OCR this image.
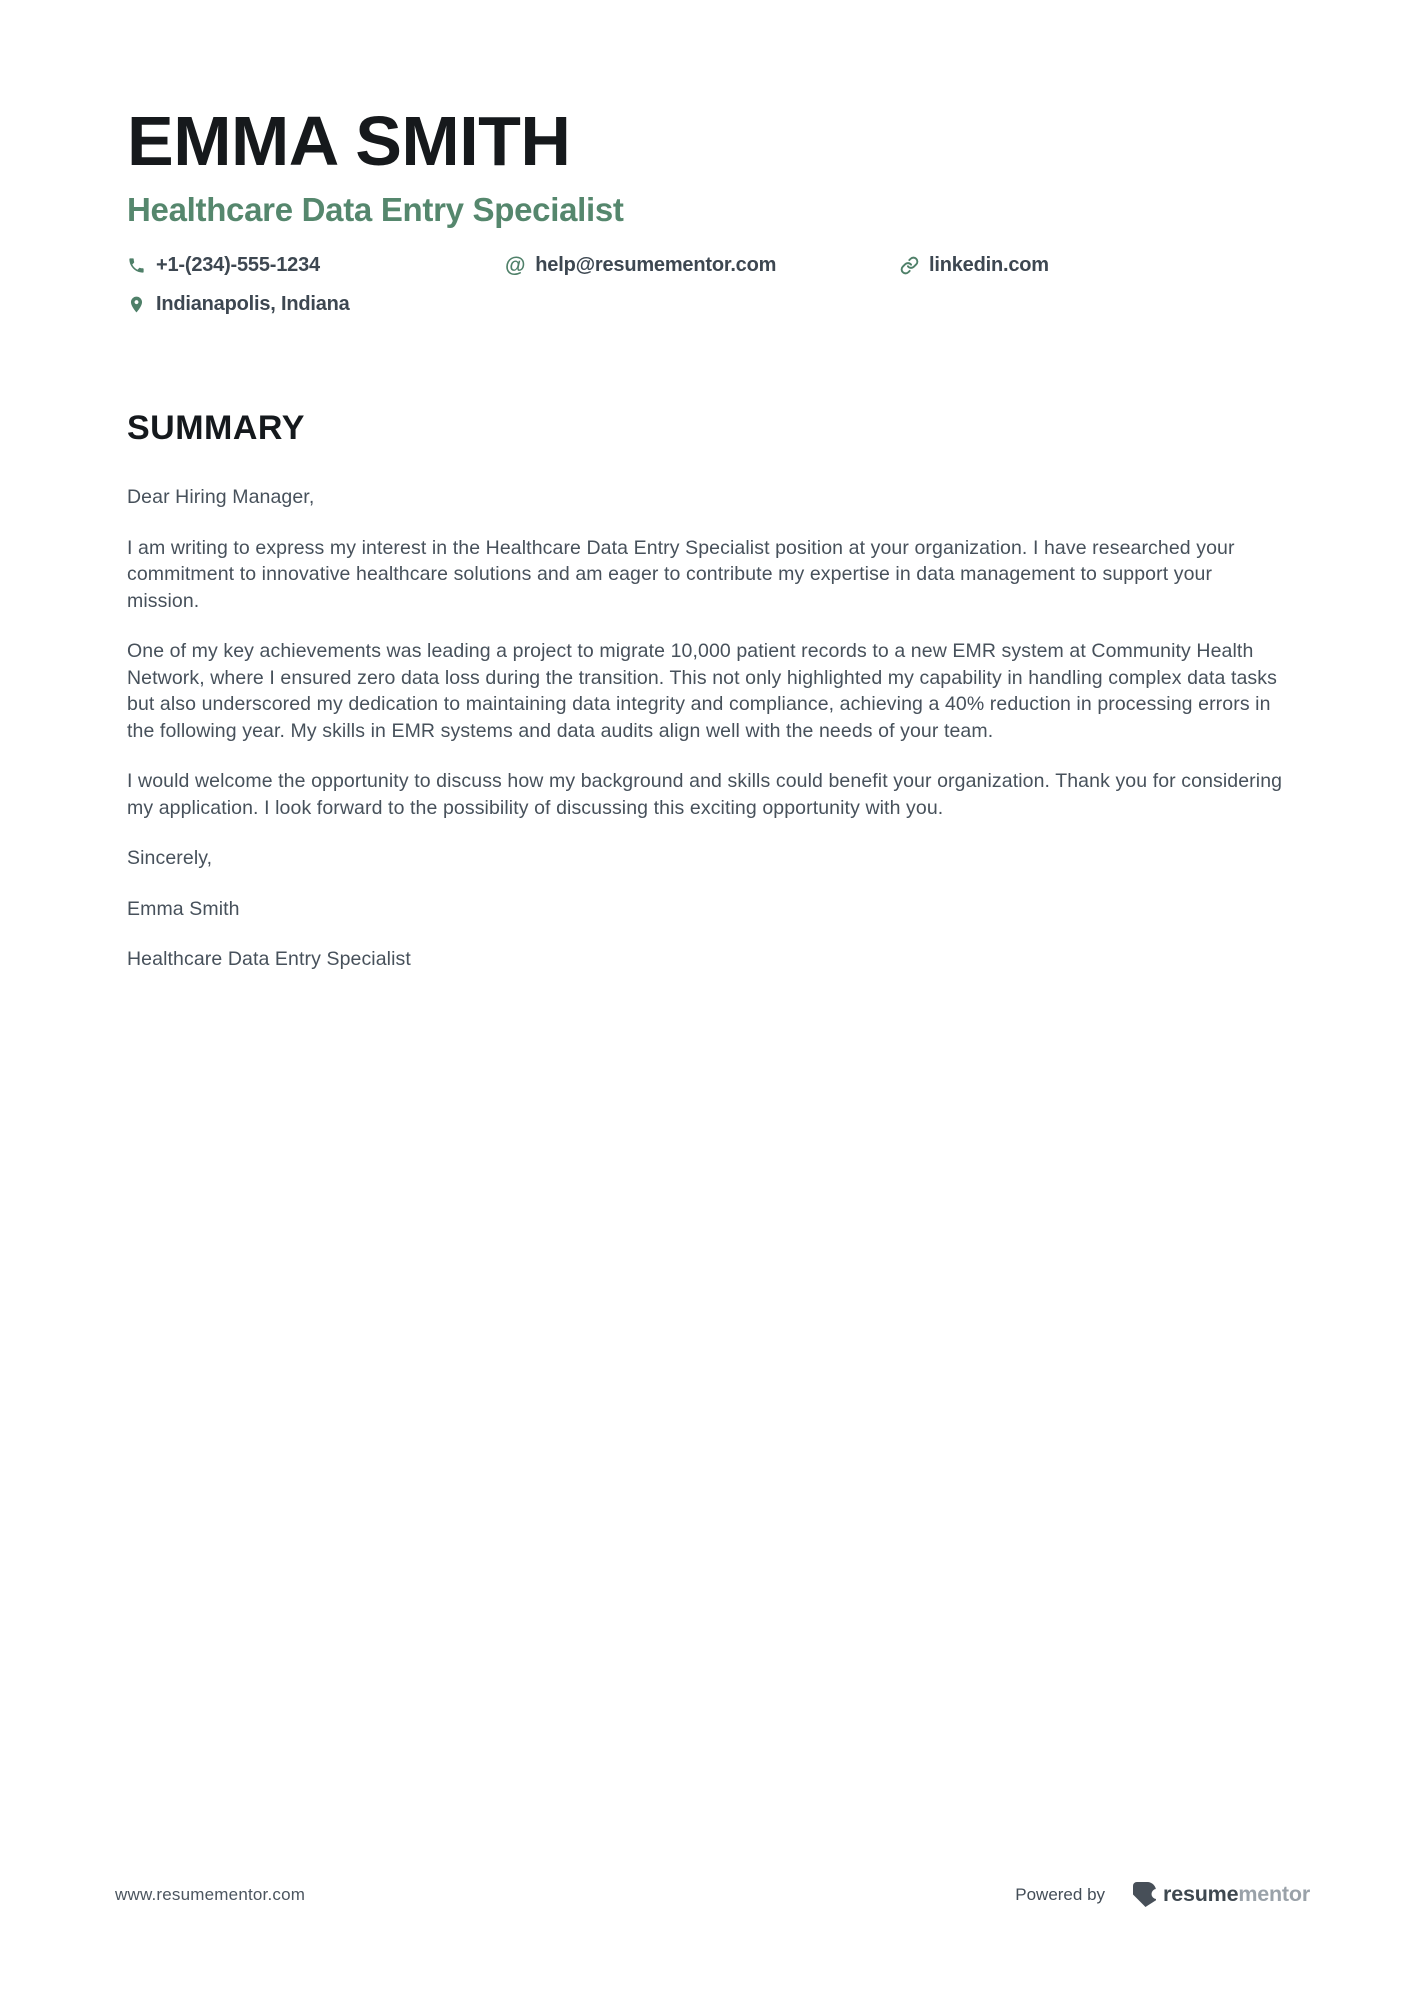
EMMA SMITH
Healthcare Data Entry Specialist
+1-(234)-555-1234	@ help@resumementor.com	linkedin.com
Indianapolis, Indiana
SUMMARY

Dear Hiring Manager,

I am writing to express my interest in the Healthcare Data Entry Specialist position at your organization. I have researched your commitment to innovative healthcare solutions and am eager to contribute my expertise in data management to support your mission.

One of my key achievements was leading a project to migrate 10,000 patient records to a new EMR system at Community Health Network, where I ensured zero data loss during the transition. This not only highlighted my capability in handling complex data tasks but also underscored my dedication to maintaining data integrity and compliance, achieving a 40% reduction in processing errors in the following year. My skills in EMR systems and data audits align well with the needs of your team.

I would welcome the opportunity to discuss how my background and skills could benefit your organization. Thank you for considering my application. I look forward to the possibility of discussing this exciting opportunity with you.

Sincerely,

Emma Smith

Healthcare Data Entry Specialist

www.resumementor.com	Powered by	resumementor
